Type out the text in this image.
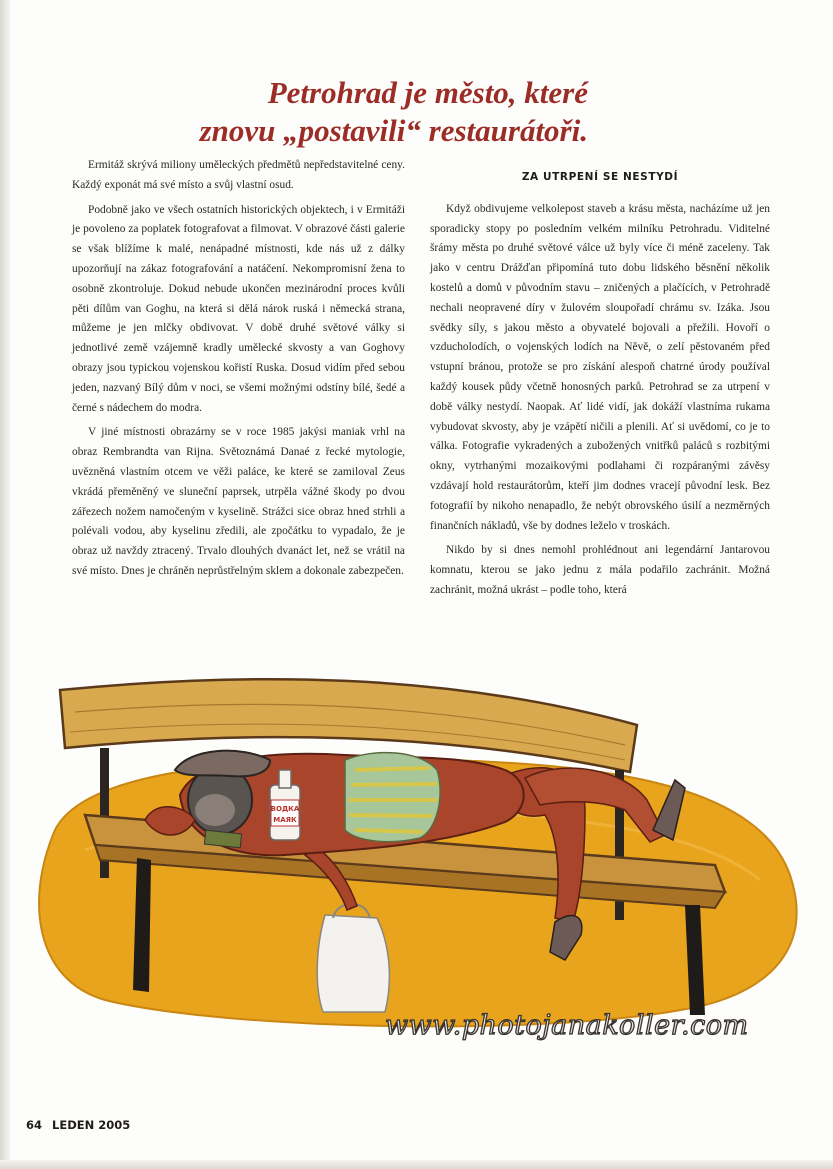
Petrohrad je město, které
znovu „postavili“ restaurátoři.

Ermitáž skrývá miliony uměleckých předmětů nepředstavitelné ceny. Každý exponát má své místo a svůj vlastní osud.

Podobně jako ve všech ostatních historických objektech, i v Ermitáži je povoleno za poplatek fotografovat a filmovat. V obrazové části galerie se však blížíme k malé, nenápadné místnosti, kde nás už z dálky upozorňují na zákaz fotografování a natáčení. Nekompromisní žena to osobně zkontroluje. Dokud nebude ukončen mezinárodní proces kvůli pěti dílům van Goghu, na která si dělá nárok ruská i německá strana, můžeme je jen mlčky obdivovat. V době druhé světové války si jednotlivé země vzájemně kradly umělecké skvosty a van Goghovy obrazy jsou typickou vojenskou kořistí Ruska. Dosud vidím před sebou jeden, nazvaný Bílý dům v noci, se všemi možnými odstíny bílé, šedé a černé s nádechem do modra.

V jiné místnosti obrazárny se v roce 1985 jakýsi maniak vrhl na obraz Rembrandta van Rijna. Světoznámá Danaé z řecké mytologie, uvězněná vlastním otcem ve věži paláce, ke které se zamiloval Zeus vkrádá přeměněný ve sluneční paprsek, utrpěla vážné škody po dvou zářezech nožem namočeným v kyselině. Strážci sice obraz hned strhli a polévali vodou, aby kyselinu zředili, ale zpočátku to vypadalo, že je obraz už navždy ztracený. Trvalo dlouhých dvanáct let, než se vrátil na své místo. Dnes je chráněn neprůstřelným sklem a dokonale zabezpečen.

ZA UTRPENÍ SE NESTYDÍ

Když obdivujeme velkolepost staveb a krásu města, nacházíme už jen sporadicky stopy po posledním velkém milníku Petrohradu. Viditelné šrámy města po druhé světové válce už byly více či méně zaceleny. Tak jako v centru Drážďan připomíná tuto dobu lidského běsnění několik kostelů a domů v původním stavu – zničených a plačících, v Petrohradě nechali neopravené díry v žulovém sloupořadí chrámu sv. Izáka. Jsou svědky síly, s jakou město a obyvatelé bojovali a přežili. Hovoří o vzducholodích, o vojenských lodích na Něvě, o zelí pěstovaném před vstupní bránou, protože se pro získání alespoň chatrné úrody používal každý kousek půdy včetně honosných parků. Petrohrad se za utrpení v době války nestydí. Naopak. Ať lidé vidí, jak dokáží vlastníma rukama vybudovat skvosty, aby je vzápětí ničili a plenili. Ať si uvědomí, co je to válka. Fotografie vykradených a zubožených vnitřků paláců s rozbitými okny, vytrhanými mozaikovými podlahami či rozpáranými závěsy vzdávají hold restaurátorům, kteří jim dodnes vracejí původní lesk. Bez fotografií by nikoho nenapadlo, že nebýt obrovského úsilí a nezměrných finančních nákladů, vše by dodnes leželo v troskách.

Nikdo by si dnes nemohl prohlédnout ani legendární Jantarovou komnatu, kterou se jako jednu z mála podařilo zachránit. Možná zachránit, možná ukrást – podle toho, která

ВОДКА
МАЯК
www.photojanakoller.com
64 LEDEN 2005
